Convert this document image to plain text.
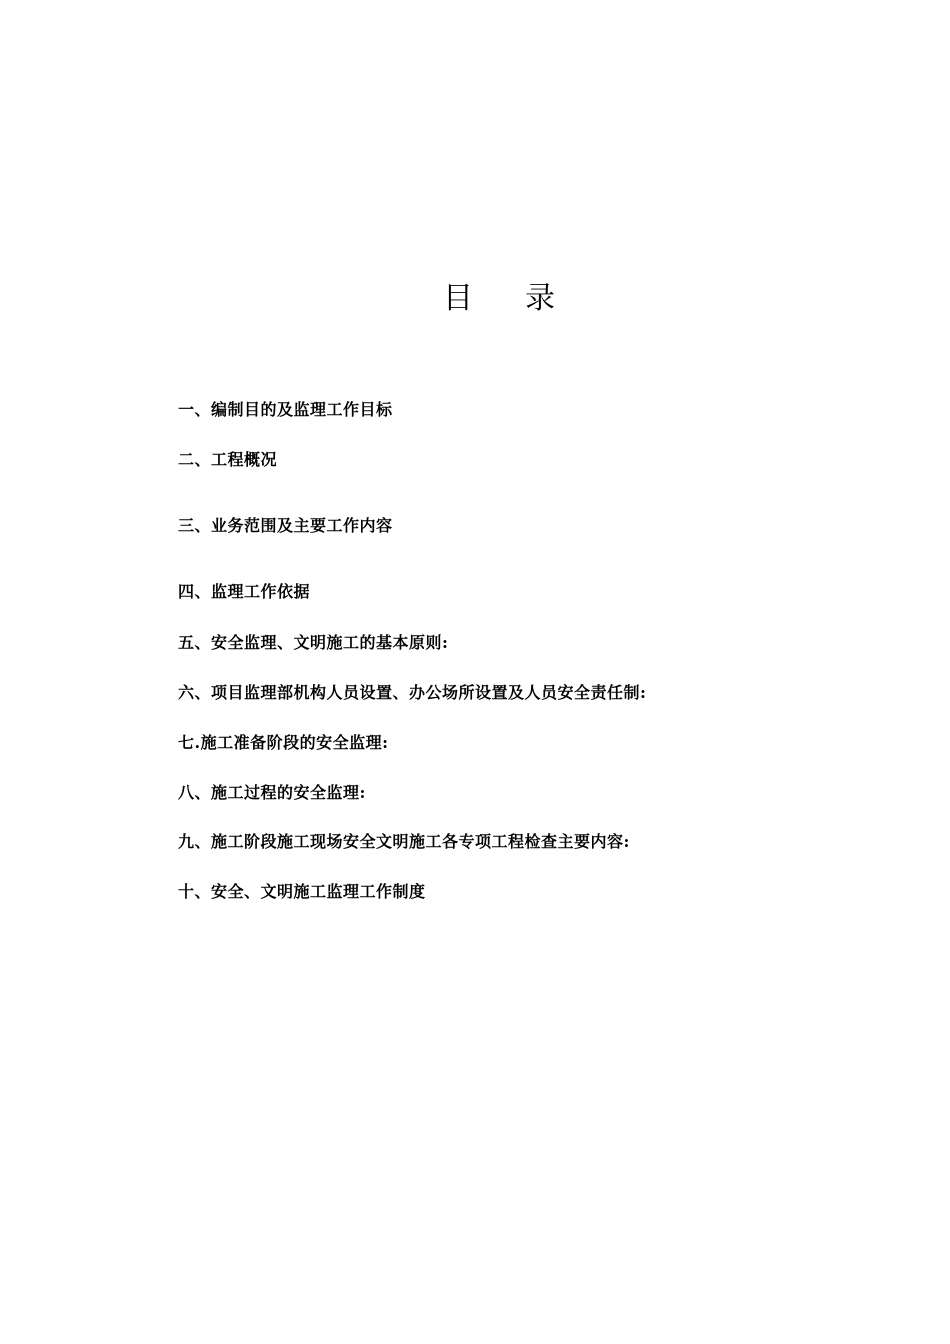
目 录
一、编制目的及监理工作目标
二、工程概况
三、业务范围及主要工作内容
四、监理工作依据
五、安全监理、文明施工的基本原则:
六、项目监理部机构人员设置、办公场所设置及人员安全责任制:
七.施工准备阶段的安全监理:
八、施工过程的安全监理:
九、施工阶段施工现场安全文明施工各专项工程检查主要内容:
十、安全、文明施工监理工作制度
